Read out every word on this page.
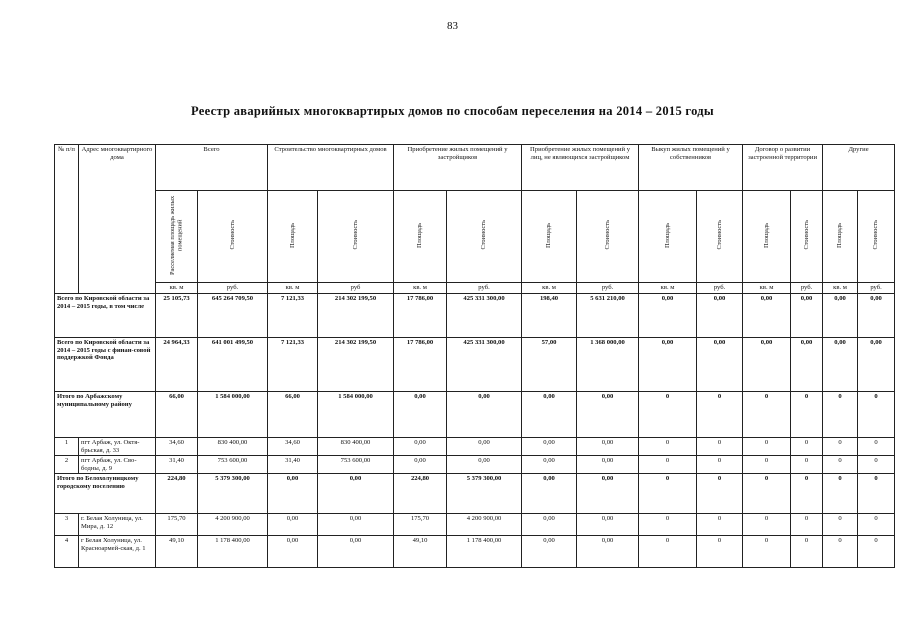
83
Реестр аварийных многоквартирых домов по способам переселения на 2014 – 2015 годы
№ п/п	Адрес многоквартирного дома	Всего		Строительство многоквартирных домов		Приобретение жилых помещений у застройщиков		Приобретение жилых помещений у лиц, не являющихся застройщиком		Выкуп жилых помещений у собственников		Договор о развитии застроенной территории		Другие	
		Расселяемая площадь жилых помещений	Стоимость	Площадь	Стоимость	Площадь	Стоимость	Площадь	Стоимость	Площадь	Стоимость	Площадь	Стоимость	Площадь	Стоимость
		кв. м	руб.	кв. м	руб	кв. м	руб.	кв. м	руб.	кв. м	руб.	кв. м	руб.	кв. м	руб.
Всего по Кировской области за 2014 – 2015 годы, в том числе		25 105,73	645 264 709,50	7 121,33	214 302 199,50	17 786,00	425 331 300,00	198,40	5 631 210,00	0,00	0,00	0,00	0,00	0,00	0,00
Всего по Кировской области за 2014 – 2015 годы с финан-совой поддержкой Фонда		24 964,33	641 001 499,50	7 121,33	214 302 199,50	17 786,00	425 331 300,00	57,00	1 368 000,00	0,00	0,00	0,00	0,00	0,00	0,00
Итого по Арбажскому муниципальному району		66,00	1 584 000,00	66,00	1 584 000,00	0,00	0,00	0,00	0,00	0	0	0	0	0	0
1	пгт Арбаж, ул. Октя-брьская, д. 33	34,60	830 400,00	34,60	830 400,00	0,00	0,00	0,00	0,00	0	0	0	0	0	0
2	пгт Арбаж, ул. Сво-бодны, д. 9	31,40	753 600,00	31,40	753 600,00	0,00	0,00	0,00	0,00	0	0	0	0	0	0
Итого по Белохолуницкому городскому поселению		224,80	5 379 300,00	0,00	0,00	224,80	5 379 300,00	0,00	0,00	0	0	0	0	0	0
3	г. Белая Холуница, ул. Мира, д. 12	175,70	4 200 900,00	0,00	0,00	175,70	4 200 900,00	0,00	0,00	0	0	0	0	0	0
4	г Белая Холуница, ул. Красноармей-ская, д. 1	49,10	1 178 400,00	0,00	0,00	49,10	1 178 400,00	0,00	0,00	0	0	0	0	0	0
